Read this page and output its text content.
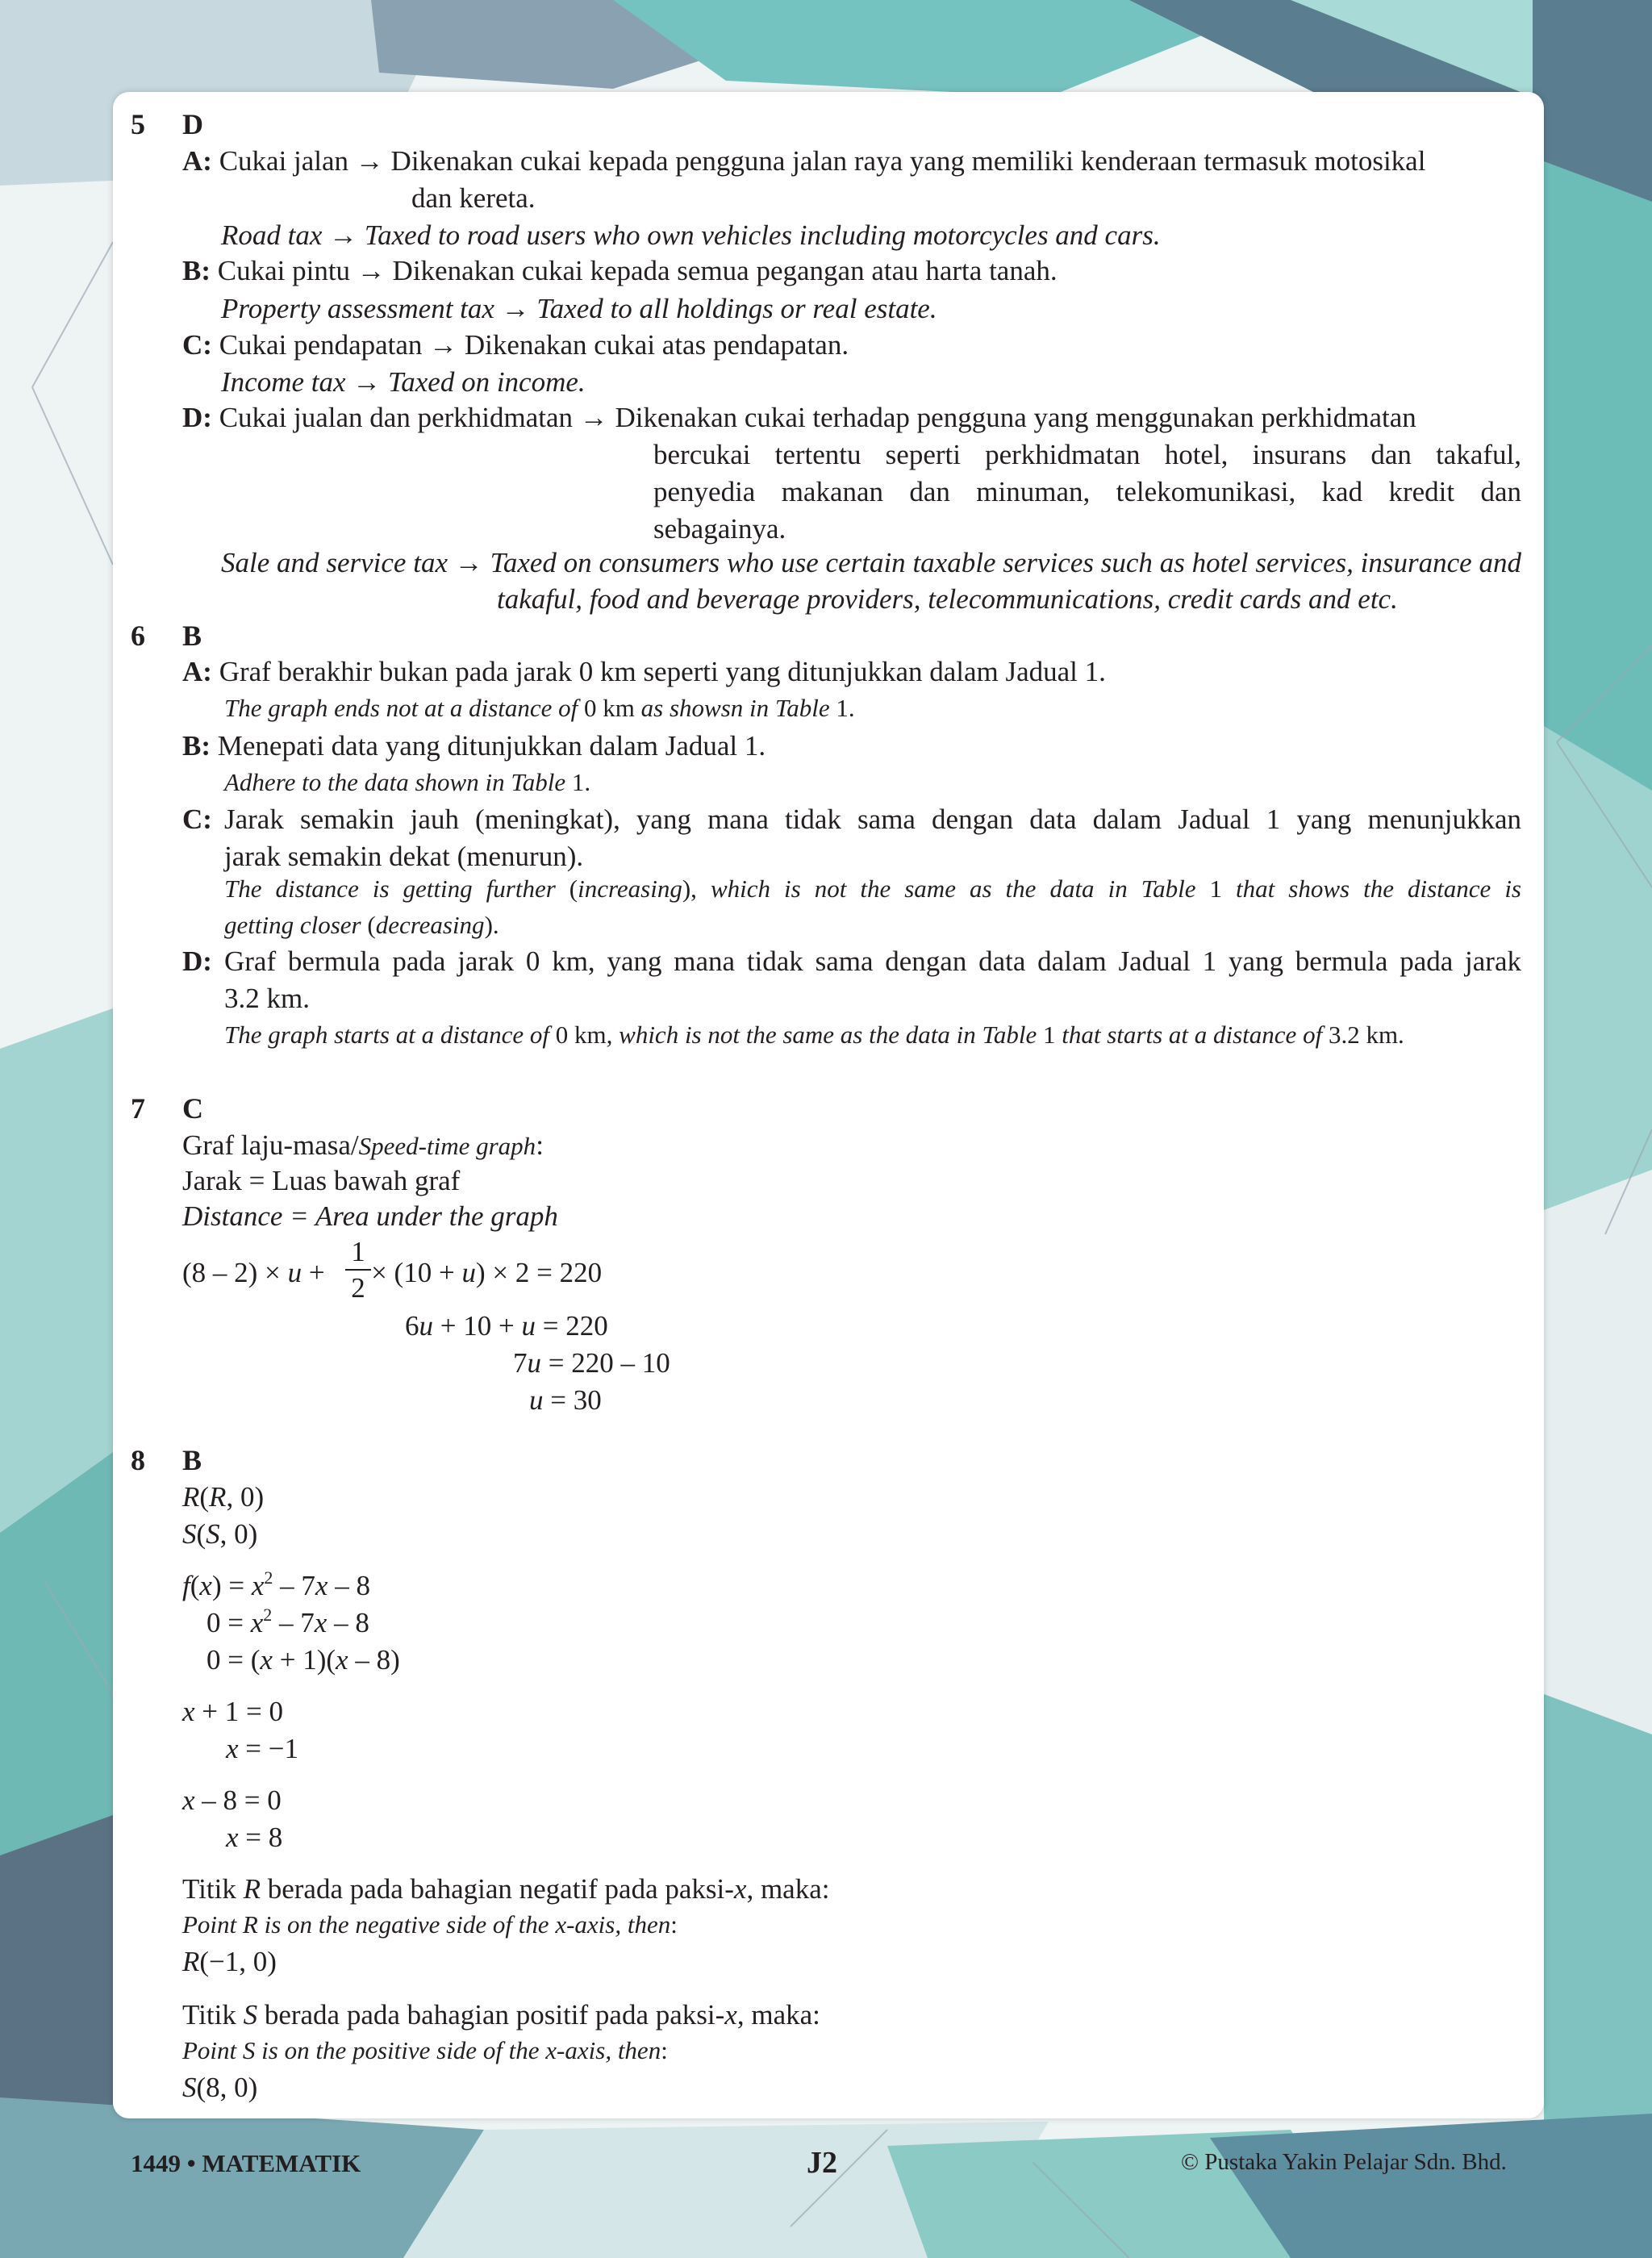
5 D
A: Cukai jalan → Dikenakan cukai kepada pengguna jalan raya yang memiliki kenderaan termasuk motosikal
dan kereta.
Road tax → Taxed to road users who own vehicles including motorcycles and cars.
B: Cukai pintu → Dikenakan cukai kepada semua pegangan atau harta tanah.
Property assessment tax → Taxed to all holdings or real estate.
C: Cukai pendapatan → Dikenakan cukai atas pendapatan.
Income tax → Taxed on income.
D: Cukai jualan dan perkhidmatan → Dikenakan cukai terhadap pengguna yang menggunakan perkhidmatan
bercukai tertentu seperti perkhidmatan hotel, insurans dan takaful,
penyedia makanan dan minuman, telekomunikasi, kad kredit dan
sebagainya.
Sale and service tax → Taxed on consumers who use certain taxable services such as hotel services, insurance and
takaful, food and beverage providers, telecommunications, credit cards and etc.
6 B
A: Graf berakhir bukan pada jarak 0 km seperti yang ditunjukkan dalam Jadual 1.
The graph ends not at a distance of 0 km as showsn in Table 1.
B: Menepati data yang ditunjukkan dalam Jadual 1.
Adhere to the data shown in Table 1.
C: Jarak semakin jauh (meningkat), yang mana tidak sama dengan data dalam Jadual 1 yang menunjukkan
jarak semakin dekat (menurun).
The distance is getting further (increasing), which is not the same as the data in Table 1 that shows the distance is
getting closer (decreasing).
D: Graf bermula pada jarak 0 km, yang mana tidak sama dengan data dalam Jadual 1 yang bermula pada jarak
3.2 km.
The graph starts at a distance of 0 km, which is not the same as the data in Table 1 that starts at a distance of 3.2 km.
7 C
Graf laju-masa/Speed-time graph:
Jarak = Luas bawah graf
Distance = Area under the graph
(8 – 2) × u +  × (10 + u) × 2 = 220
1
2
6u + 10 + u = 220
7u = 220 – 10
u = 30
8 B
R(R, 0)
S(S, 0)
$f(x) = x^2 - 7x - 8$
$0 = x^2 - 7x - 8$
0 = (x + 1)(x – 8)
x + 1 = 0
x = −1
x – 8 = 0
x = 8
Titik R berada pada bahagian negatif pada paksi-x, maka:
Point R is on the negative side of the x-axis, then:
R(−1, 0)
Titik S berada pada bahagian positif pada paksi-x, maka:
Point S is on the positive side of the x-axis, then:
S(8, 0)
1449 • MATEMATIK	J2	© Pustaka Yakin Pelajar Sdn. Bhd.
